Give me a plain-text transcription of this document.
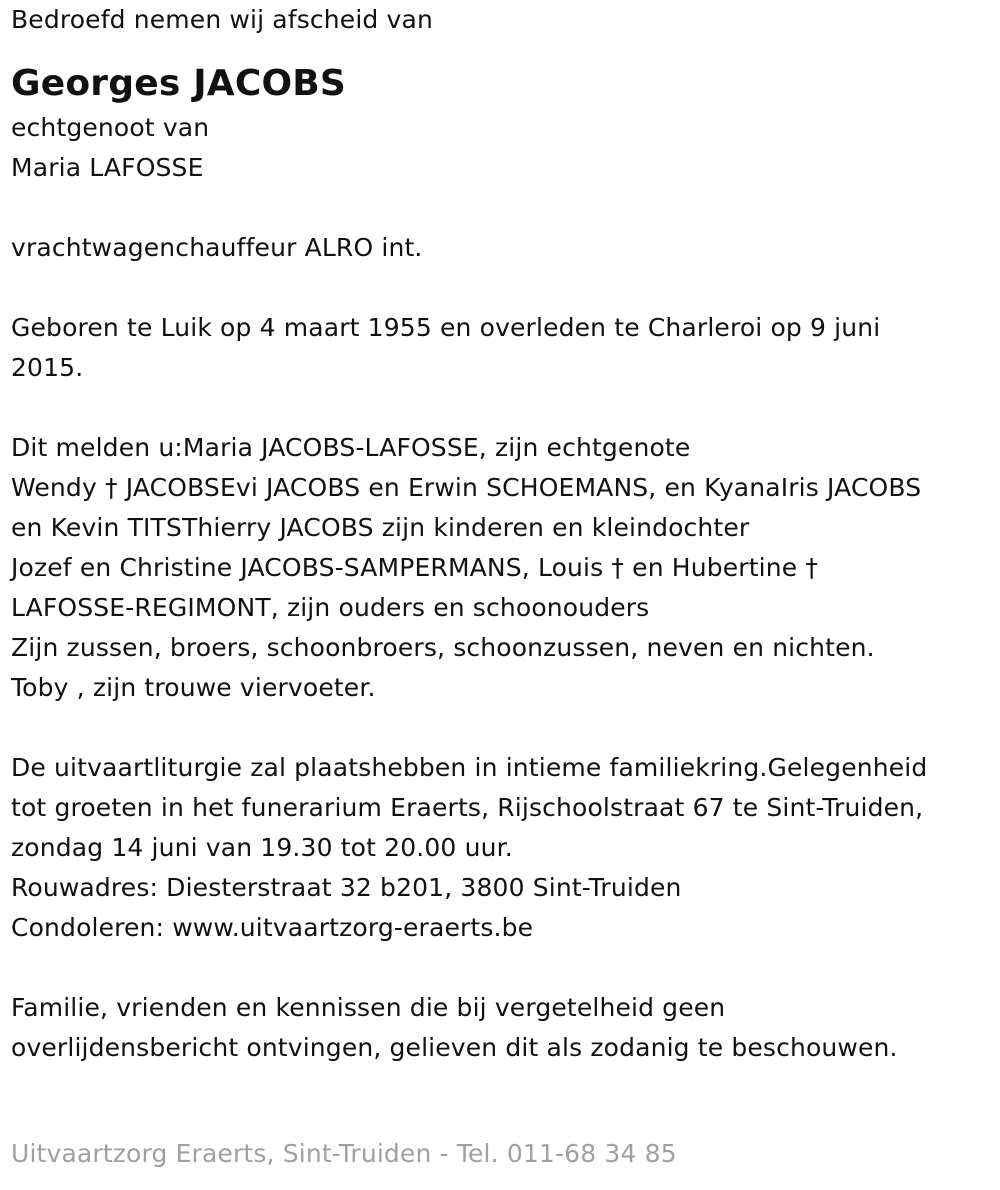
Bedroefd nemen wij afscheid van
Georges JACOBS
echtgenoot van
Maria LAFOSSE
vrachtwagenchauffeur ALRO int.
Geboren te Luik op 4 maart 1955 en overleden te Charleroi op 9 juni
2015.
Dit melden u:Maria JACOBS-LAFOSSE, zijn echtgenote
Wendy † JACOBSEvi JACOBS en Erwin SCHOEMANS, en KyanaIris JACOBS
en Kevin TITSThierry JACOBS zijn kinderen en kleindochter
Jozef en Christine JACOBS-SAMPERMANS, Louis † en Hubertine †
LAFOSSE-REGIMONT, zijn ouders en schoonouders
Zijn zussen, broers, schoonbroers, schoonzussen, neven en nichten.
Toby , zijn trouwe viervoeter.
De uitvaartliturgie zal plaatshebben in intieme familiekring.Gelegenheid
tot groeten in het funerarium Eraerts, Rijschoolstraat 67 te Sint-Truiden,
zondag 14 juni van 19.30 tot 20.00 uur.
Rouwadres: Diesterstraat 32 b201, 3800 Sint-Truiden
Condoleren: www.uitvaartzorg-eraerts.be
Familie, vrienden en kennissen die bij vergetelheid geen
overlijdensbericht ontvingen, gelieven dit als zodanig te beschouwen.
Uitvaartzorg Eraerts, Sint-Truiden - Tel. 011-68 34 85
